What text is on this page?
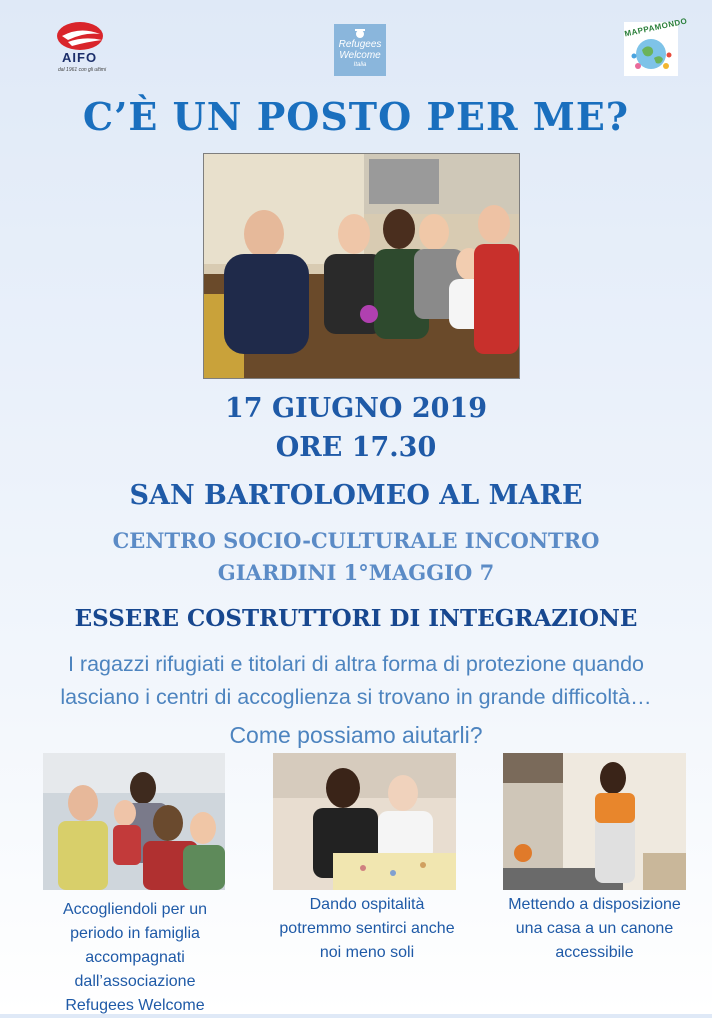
AIFO
dal 1961 con gli ultimi
Refugees
Welcome
Italia
MAPPAMONDO
C’È UN POSTO PER ME?
17 GIUGNO 2019
ORE 17.30
SAN BARTOLOMEO AL MARE
CENTRO SOCIO-CULTURALE INCONTRO
GIARDINI 1°MAGGIO 7
ESSERE COSTRUTTORI DI INTEGRAZIONE
I ragazzi rifugiati e titolari di altra forma di protezione quando
lasciano i centri di accoglienza si trovano in grande difficoltà…
Come possiamo aiutarli?
Accogliendoli per un
periodo in famiglia
accompagnati
dall’associazione
Refugees Welcome
Dando ospitalità
potremmo sentirci anche
noi meno soli
Mettendo a disposizione
una casa a un canone
accessibile
